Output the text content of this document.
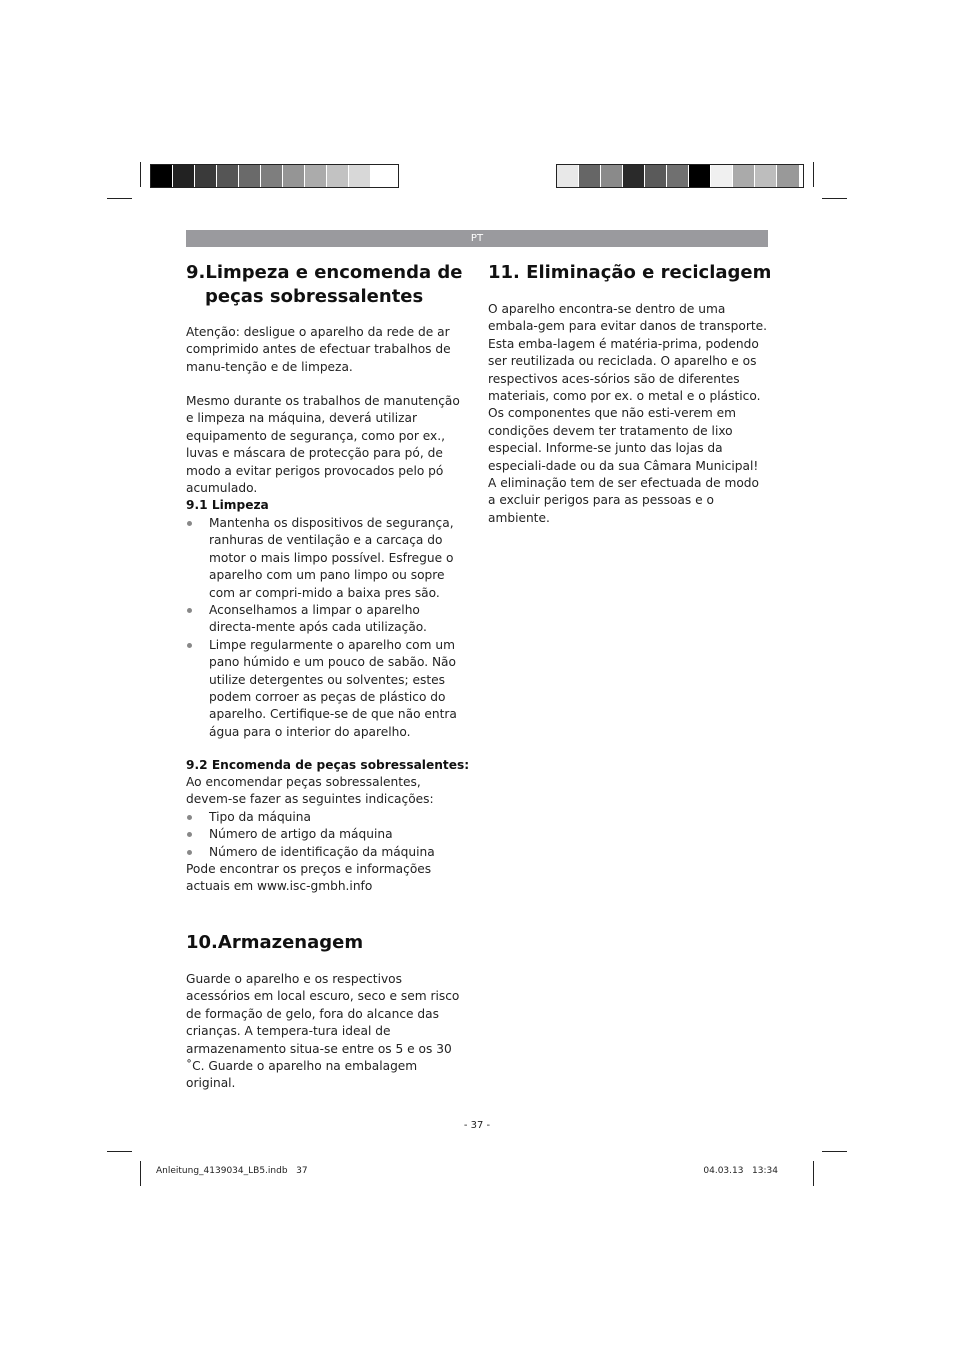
PT
9.Limpeza e encomenda de
peças sobressalentes

Atenção: desligue o aparelho da rede de ar comprimido antes de efectuar trabalhos de manu-tenção e de limpeza.

Mesmo durante os trabalhos de manutenção e limpeza na máquina, deverá utilizar equipamento de segurança, como por ex., luvas e máscara de protecção para pó, de modo a evitar perigos provocados pelo pó acumulado.

9.1 Limpeza
Mantenha os dispositivos de segurança, ranhuras de ventilação e a carcaça do motor o mais limpo possível. Esfregue o aparelho com um pano limpo ou sopre com ar compri-mido a baixa pres são.
Aconselhamos a limpar o aparelho directa-mente após cada utilização.
Limpe regularmente o aparelho com um pano húmido e um pouco de sabão. Não utilize detergentes ou solventes; estes podem corroer as peças de plástico do aparelho. Certifique-se de que não entra água para o interior do aparelho.
9.2 Encomenda de peças sobressalentes:

Ao encomendar peças sobressalentes, devem-se fazer as seguintes indicações:

Tipo da máquina
Número de artigo da máquina
Número de identificação da máquina

Pode encontrar os preços e informações actuais em www.isc-gmbh.info

10.Armazenagem

Guarde o aparelho e os respectivos acessórios em local escuro, seco e sem risco de formação de gelo, fora do alcance das crianças. A tempera-tura ideal de armazenamento situa-se entre os 5 e os 30 ˚C. Guarde o aparelho na embalagem original.

11. Eliminação e reciclagem

O aparelho encontra-se dentro de uma embala-gem para evitar danos de transporte. Esta emba-lagem é matéria-prima, podendo ser reutilizada ou reciclada. O aparelho e os respectivos aces-sórios são de diferentes materiais, como por ex. o metal e o plástico. Os componentes que não esti-verem em condições devem ter tratamento de lixo especial. Informe-se junto das lojas da especiali-dade ou da sua Câmara Municipal! A eliminação tem de ser efectuada de modo a excluir perigos para as pessoas e o ambiente.

- 37 -
Anleitung_4139034_LB5.indb   37	04.03.13   13:34
